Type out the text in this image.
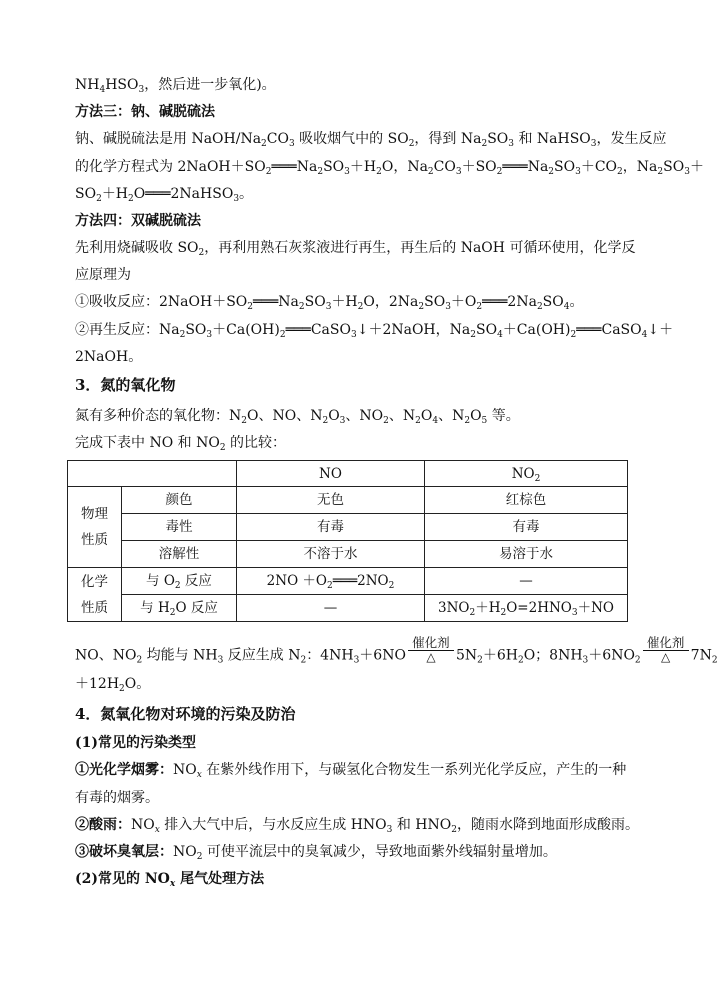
$NH_4HSO_3$，然后进一步氧化)。
方法三：钠、碱脱硫法
钠、碱脱硫法是用 NaOH/$Na_2CO_3$ 吸收烟气中的 $SO_2$，得到 $Na_2SO_3$ 和 NaHSO$_3$，发生反应
的化学方程式为 $2NaOH+SO_2═══Na_2SO_3+H_2O$，$Na_2CO_3+SO_2═══Na_2SO_3+CO_2$，$Na_2SO_3+$
$SO_2+H_2O═══2NaHSO_3$。
方法四：双碱脱硫法
先利用烧碱吸收 $SO_2$，再利用熟石灰浆液进行再生，再生后的 NaOH 可循环使用，化学反
应原理为
①吸收反应：$2NaOH+SO_2═══Na_2SO_3+H_2O$，$2Na_2SO_3+O_2═══2Na_2SO_4$。
②再生反应：$Na_2SO_3+Ca(OH)_2═══CaSO_3↓+2NaOH$，$Na_2SO_4+Ca(OH)_2═══CaSO_4↓+$
2NaOH。
3．氮的氧化物
氮有多种价态的氧化物：$N_2O$、NO、$N_2O_3$、$NO_2$、$N_2O_4$、$N_2O_5$ 等。
完成下表中 NO 和 $NO_2$ 的比较：
		NO	$NO_2$
物理
性质	颜色	无色	红棕色
	毒性	有毒	有毒
	溶解性	不溶于水	易溶于水
化学
性质	与 $O_2$ 反应	$2NO +O_2═══2NO_2$	—
	与 $H_2O$ 反应	—	$3NO_2+H_2O=2HNO_3+NO$
NO、$NO_2$ 均能与 $NH_3$ 反应生成 $N_2$：$4NH_3+6NO$
催化剂
△	$5N_2+6H_2O$；$8NH_3+6NO_2$
催化剂
△	$7N_2$
$+12H_2O$。
4．氮氧化物对环境的污染及防治
(1)常见的污染类型
①光化学烟雾：$NO_x$ 在紫外线作用下，与碳氢化合物发生一系列光化学反应，产生的一种
有毒的烟雾。
②酸雨：$NO_x$ 排入大气中后，与水反应生成 $HNO_3$ 和 $HNO_2$，随雨水降到地面形成酸雨。
③破坏臭氧层：$NO_2$ 可使平流层中的臭氧减少，导致地面紫外线辐射量增加。
(2)常见的 $NO_x$ 尾气处理方法
